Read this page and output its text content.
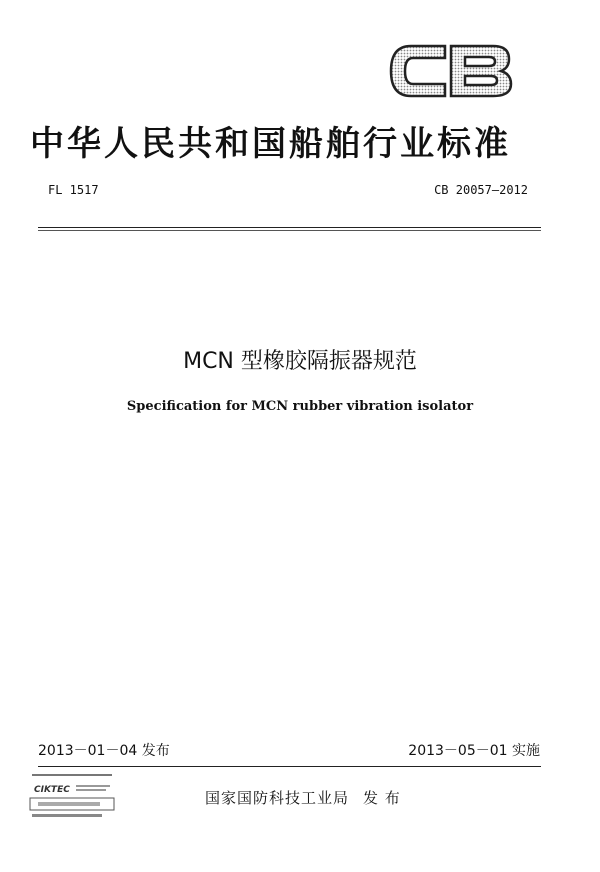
中华人民共和国船舶行业标准
FL 1517	CB 20057—2012
MCN 型橡胶隔振器规范
Specification for MCN rubber vibration isolator
2013－01－04 发布	2013－05－01 实施
CIKTEC	国家国防科技工业局 发 布
